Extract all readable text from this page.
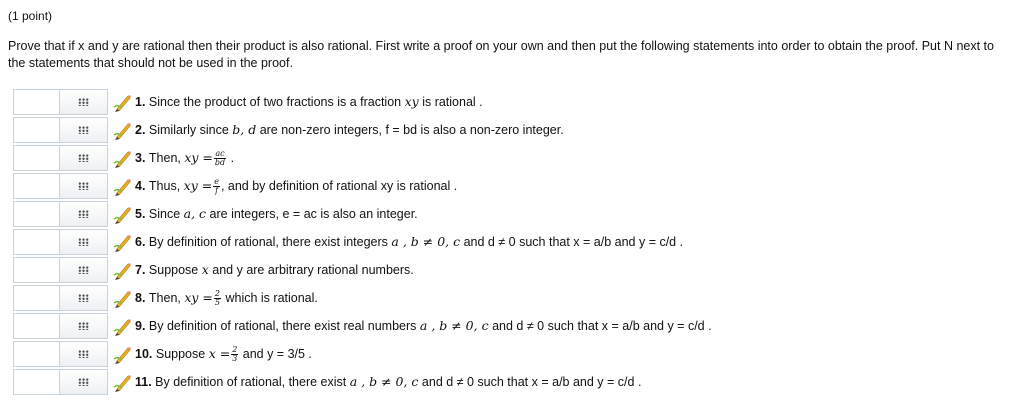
(1 point)
Prove that if x and y are rational then their product is also rational. First write a proof on your own and then put the following statements into order to obtain the proof. Put N next to the statements that should not be used in the proof.
1. Since the product of two fractions is a fraction xy is rational .
2. Similarly since b, d are non-zero integers, f = bd is also a non-zero integer.
3. Then, xy = $\frac{ac}{bd}$ .
4. Thus, xy = $\frac{e}{f}$ , and by definition of rational xy is rational .
5. Since a, c are integers, e = ac is also an integer.
6. By definition of rational, there exist integers a , b ≠ 0, c and d ≠ 0 such that x = a/b and y = c/d .
7. Suppose x and y are arbitrary rational numbers.
8. Then, xy = $\frac{2}{5}$ which is rational.
9. By definition of rational, there exist real numbers a , b ≠ 0, c and d ≠ 0 such that x = a/b and y = c/d .
10. Suppose $x = \frac{2}{3}$ and y = 3/5 .
11. By definition of rational, there exist a , b ≠ 0, c and d ≠ 0 such that x = a/b and y = c/d .
